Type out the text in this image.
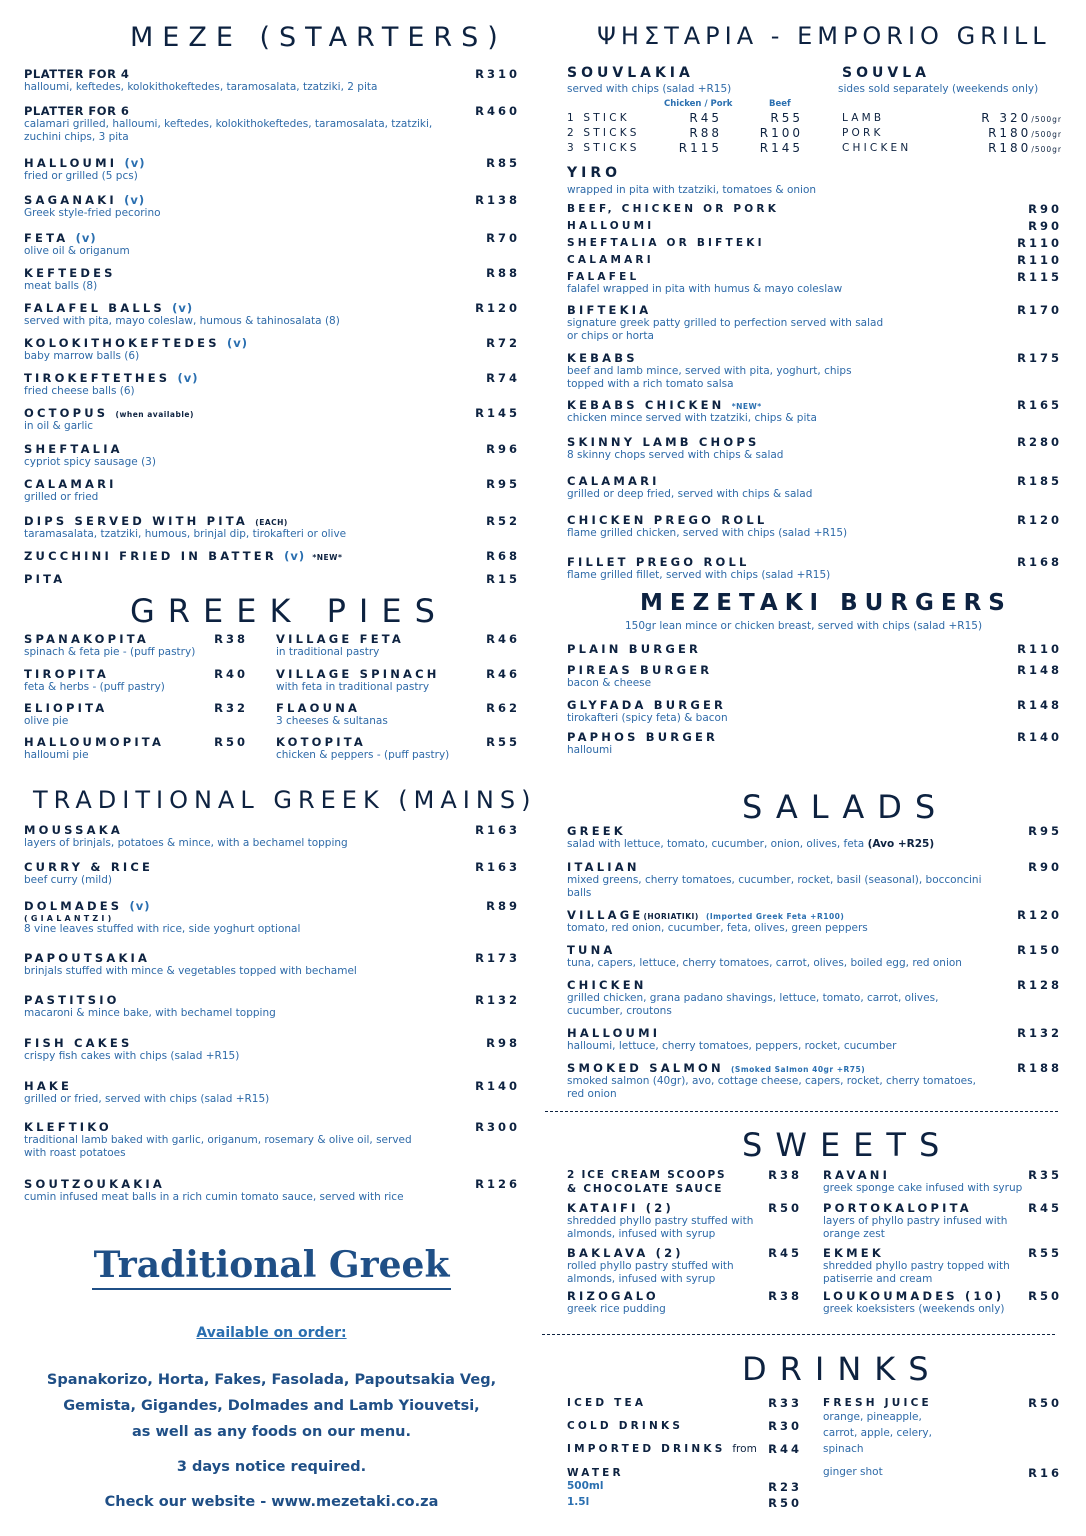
MEZE (STARTERS)
PLATTER FOR 4
halloumi, keftedes, kolokithokeftedes, taramosalata, tzatziki, 2 pita
R310
PLATTER FOR 6
calamari grilled, halloumi, keftedes, kolokithokeftedes, taramosalata, tzatziki, zuchini chips, 3 pita
R460
HALLOUMI (v)
fried or grilled (5 pcs)
R85
SAGANAKI (v)
Greek style-fried pecorino
R138
FETA (v)
olive oil & origanum
R70
KEFTEDES
meat balls (8)
R88
FALAFEL BALLS (v)
served with pita, mayo coleslaw, humous & tahinosalata (8)
R120
KOLOKITHOKEFTEDES (v)
baby marrow balls (6)
R72
TIROKEFTETHES (v)
fried cheese balls (6)
R74
OCTOPUS (when available)
in oil & garlic
R145
SHEFTALIA
cypriot spicy sausage (3)
R96
CALAMARI
grilled or fried
R95
DIPS SERVED WITH PITA (EACH)
taramasalata, tzatziki, humous, brinjal dip, tirokafteri or olive
R52
ZUCCHINI FRIED IN BATTER (v) *NEW*	R68
PITA	R15
GREEK PIES
SPANAKOPITA
spinach & feta pie - (puff pastry)
R38
TIROPITA
feta & herbs - (puff pastry)
R40
ELIOPITA
olive pie
R32
HALLOUMOPITA
halloumi pie
R50
VILLAGE FETA
in traditional pastry
R46
VILLAGE SPINACH
with feta in traditional pastry
R46
FLAOUNA
3 cheeses & sultanas
R62
KOTOPITA
chicken & peppers - (puff pastry)
R55
TRADITIONAL GREEK (MAINS)
MOUSSAKA
layers of brinjals, potatoes & mince, with a bechamel topping
R163
CURRY & RICE
beef curry (mild)
R163
DOLMADES (v)
(GIALANTZI)
8 vine leaves stuffed with rice, side yoghurt optional
R89
PAPOUTSAKIA
brinjals stuffed with mince & vegetables topped with bechamel
R173
PASTITSIO
macaroni & mince bake, with bechamel topping
R132
FISH CAKES
crispy fish cakes with chips (salad +R15)
R98
HAKE
grilled or fried, served with chips (salad +R15)
R140
KLEFTIKO
traditional lamb baked with garlic, origanum, rosemary & olive oil, served with roast potatoes
R300
SOUTZOUKAKIA
cumin infused meat balls in a rich cumin tomato sauce, served with rice
R126
Traditional Greek
Available on order:
Spanakorizo, Horta, Fakes, Fasolada, Papoutsakia Veg,
Gemista, Gigandes, Dolmades and Lamb Yiouvetsi,
as well as any foods on our menu.
3 days notice required.
Check our website - www.mezetaki.co.za
ΨΗΣΤΑΡΙΑ - EMPORIO GRILL
SOUVLAKIA
served with chips (salad +R15)
Chicken / Pork	Beef
1 STICK	R45	R55
2 STICKS	R88	R100
3 STICKS	R115	R145
SOUVLA
sides sold separately (weekends only)
LAMB	R 320/500gr
PORK	R180/500gr
CHICKEN	R180/500gr
YIRO
wrapped in pita with tzatziki, tomatoes & onion
BEEF, CHICKEN OR PORK	R90
HALLOUMI	R90
SHEFTALIA OR BIFTEKI	R110
CALAMARI	R110
FALAFEL	R115
falafel wrapped in pita with humus & mayo coleslaw
BIFTEKIA
signature greek patty grilled to perfection served with salad or chips or horta
R170
KEBABS
beef and lamb mince, served with pita, yoghurt, chips topped with a rich tomato salsa
R175
KEBABS CHICKEN *NEW*
chicken mince served with tzatziki, chips & pita
R165
SKINNY LAMB CHOPS
8 skinny chops served with chips & salad
R280
CALAMARI
grilled or deep fried, served with chips & salad
R185
CHICKEN PREGO ROLL
flame grilled chicken, served with chips (salad +R15)
R120
FILLET PREGO ROLL
flame grilled fillet, served with chips (salad +R15)
R168
MEZETAKI BURGERS
150gr lean mince or chicken breast, served with chips (salad +R15)
PLAIN BURGER	R110
PIREAS BURGER
bacon & cheese
R148
GLYFADA BURGER
tirokafteri (spicy feta) & bacon
R148
PAPHOS BURGER
halloumi
R140
SALADS
GREEK
salad with lettuce, tomato, cucumber, onion, olives, feta (Avo +R25)
R95
ITALIAN
mixed greens, cherry tomatoes, cucumber, rocket, basil (seasonal), bocconcini balls
R90
VILLAGE(HORIATIKI) (Imported Greek Feta +R100)
tomato, red onion, cucumber, feta, olives, green peppers
R120
TUNA
tuna, capers, lettuce, cherry tomatoes, carrot, olives, boiled egg, red onion
R150
CHICKEN
grilled chicken, grana padano shavings, lettuce, tomato, carrot, olives, cucumber, croutons
R128
HALLOUMI
halloumi, lettuce, cherry tomatoes, peppers, rocket, cucumber
R132
SMOKED SALMON (Smoked Salmon 40gr +R75)
smoked salmon (40gr), avo, cottage cheese, capers, rocket, cherry tomatoes, red onion
R188
SWEETS
2 ICE CREAM SCOOPS & CHOCOLATE SAUCE
R38
KATAIFI (2)
shredded phyllo pastry stuffed with almonds, infused with syrup
R50
BAKLAVA (2)
rolled phyllo pastry stuffed with almonds, infused with syrup
R45
RIZOGALO
greek rice pudding
R38
RAVANI
greek sponge cake infused with syrup
R35
PORTOKALOPITA
layers of phyllo pastry infused with orange zest
R45
EKMEK
shredded phyllo pastry topped with patiserrie and cream
R55
LOUKOUMADES (10)
greek koeksisters (weekends only)
R50
DRINKS
ICED TEA	R33
COLD DRINKS	R30
IMPORTED DRINKS from R44
WATER
500ml	R23
1.5l	R50
FRESH JUICE	R50
orange, pineapple,
carrot, apple, celery,
spinach
ginger shot	R16
